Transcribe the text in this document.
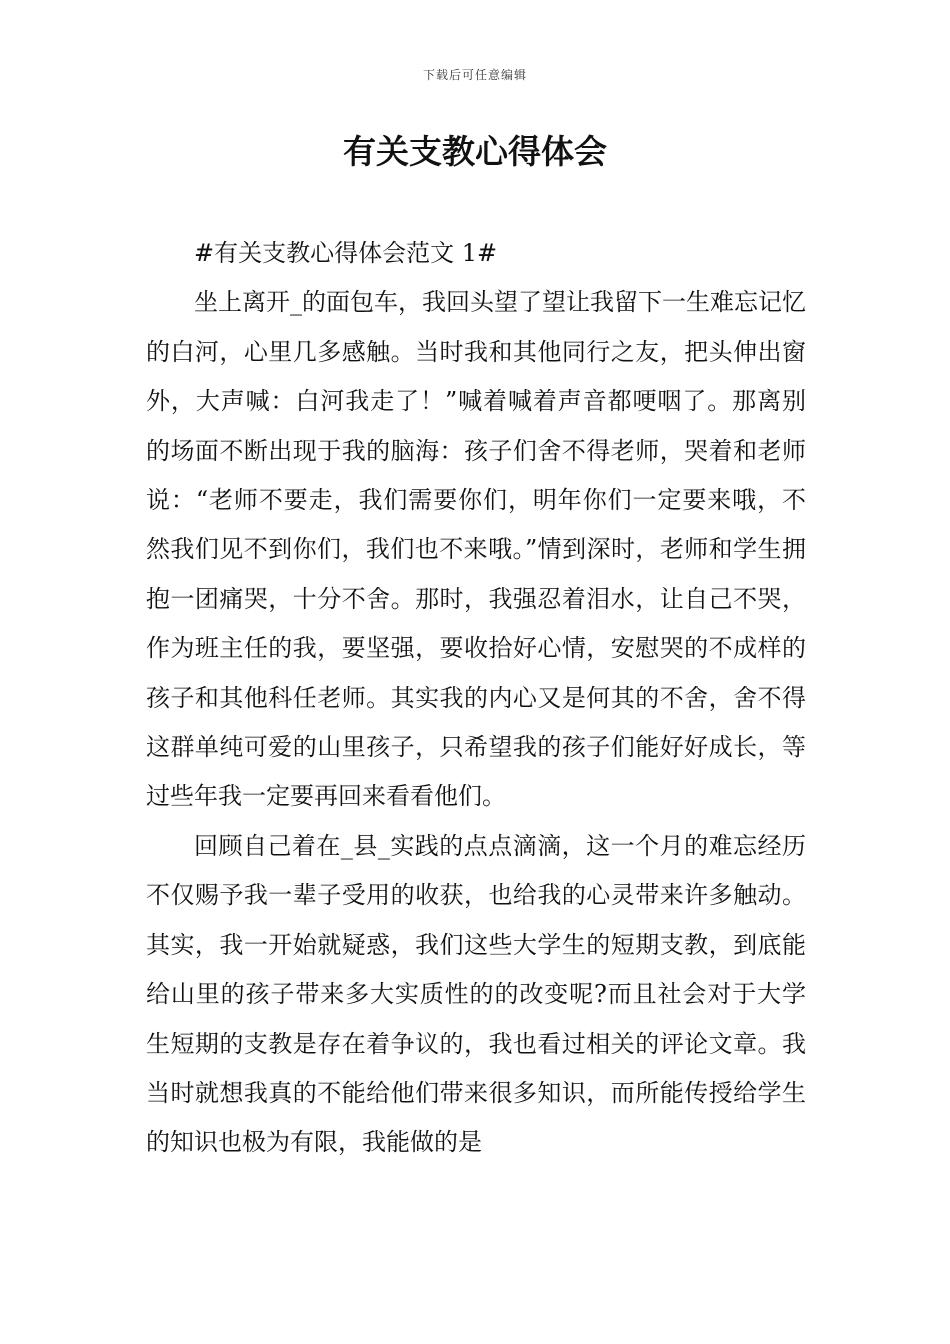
下载后可任意编辑
有关支教心得体会

#有关支教心得体会范文 1#

坐上离开_的面包车，我回头望了望让我留下一生难忘记忆的白河，心里几多感触。当时我和其他同行之友，把头伸出窗外，大声喊：白河我走了！”喊着喊着声音都哽咽了。那离别的场面不断出现于我的脑海：孩子们舍不得老师，哭着和老师说：“老师不要走，我们需要你们，明年你们一定要来哦，不然我们见不到你们，我们也不来哦。”情到深时，老师和学生拥抱一团痛哭，十分不舍。那时，我强忍着泪水，让自己不哭，作为班主任的我，要坚强，要收拾好心情，安慰哭的不成样的孩子和其他科任老师。其实我的内心又是何其的不舍，舍不得这群单纯可爱的山里孩子，只希望我的孩子们能好好成长，等过些年我一定要再回来看看他们。

回顾自己着在_县_实践的点点滴滴，这一个月的难忘经历不仅赐予我一辈子受用的收获，也给我的心灵带来许多触动。其实，我一开始就疑惑，我们这些大学生的短期支教，到底能给山里的孩子带来多大实质性的的改变呢?而且社会对于大学生短期的支教是存在着争议的，我也看过相关的评论文章。我当时就想我真的不能给他们带来很多知识，而所能传授给学生的知识也极为有限，我能做的是
